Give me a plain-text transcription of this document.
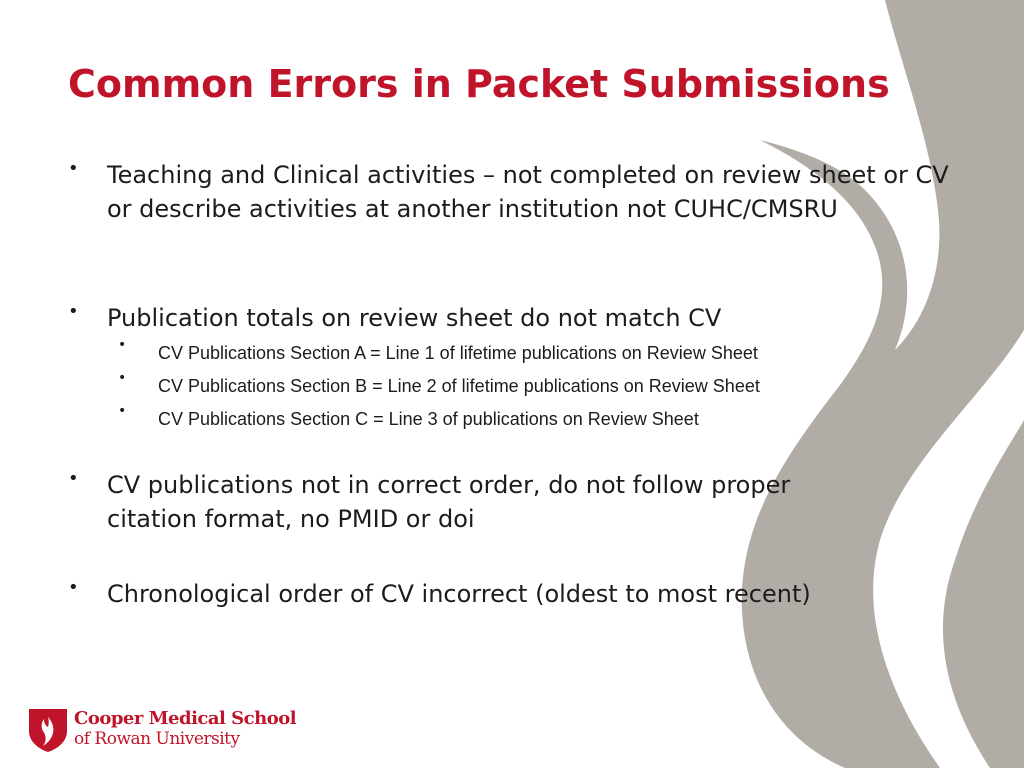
Common Errors in Packet Submissions
• Teaching and Clinical activities – not completed on review sheet or CV or describe activities at another institution not CUHC/CMSRU
• Publication totals on review sheet do not match CV
• CV Publications Section A = Line 1 of lifetime publications on Review Sheet
• CV Publications Section B = Line 2 of lifetime publications on Review Sheet
• CV Publications Section C = Line 3 of publications on Review Sheet
• CV publications not in correct order, do not follow proper citation format, no PMID or doi
• Chronological order of CV incorrect (oldest to most recent)
Cooper Medical School
of Rowan University
